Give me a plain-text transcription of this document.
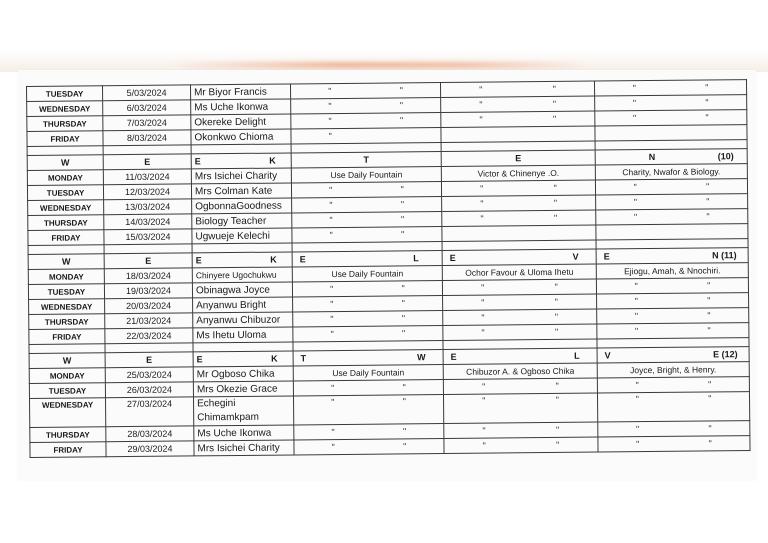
TUESDAY	5/03/2024	Mr Biyor Francis	" "	" "	" "
WEDNESDAY	6/03/2024	Ms Uche Ikonwa	" "	" "	" "
THURSDAY	7/03/2024	Okereke Delight	" "	" "	" "
FRIDAY	8/03/2024	Okonkwo Chioma	"		

W	E	E K	T	E	N (10)

MONDAY	11/03/2024	Mrs Isichei Charity	Use Daily Fountain	Victor & Chinenye .O.	Charity, Nwafor & Biology.
TUESDAY	12/03/2024	Mrs Colman Kate	" "	" "	" "
WEDNESDAY	13/03/2024	OgbonnaGoodness	" "	" "	" "
THURSDAY	14/03/2024	Biology Teacher	" "	" "	" "
FRIDAY	15/03/2024	Ugwueje Kelechi	" "		

W	E	E K	E L	E V	E N (11)

MONDAY	18/03/2024	Chinyere Ugochukwu	Use Daily Fountain	Ochor Favour & Uloma Ihetu	Ejiogu, Amah, & Nnochiri.
TUESDAY	19/03/2024	Obinagwa Joyce	" "	" "	" "
WEDNESDAY	20/03/2024	Anyanwu Bright	" "	" "	" "
THURSDAY	21/03/2024	Anyanwu Chibuzor	" "	" "	" "
FRIDAY	22/03/2024	Ms Ihetu Uloma	" "	" "	" "

W	E	E K	T W	E L	V E (12)

MONDAY	25/03/2024	Mr Ogboso Chika	Use Daily Fountain	Chibuzor A. & Ogboso Chika	Joyce, Bright, & Henry.
TUESDAY	26/03/2024	Mrs Okezie Grace	" "	" "	" "
WEDNESDAY	27/03/2024	Echegini Chimamkpam	" "	" "	" "
THURSDAY	28/03/2024	Ms Uche Ikonwa	" "	" "	" "
FRIDAY	29/03/2024	Mrs Isichei Charity	" "	" "	" "
